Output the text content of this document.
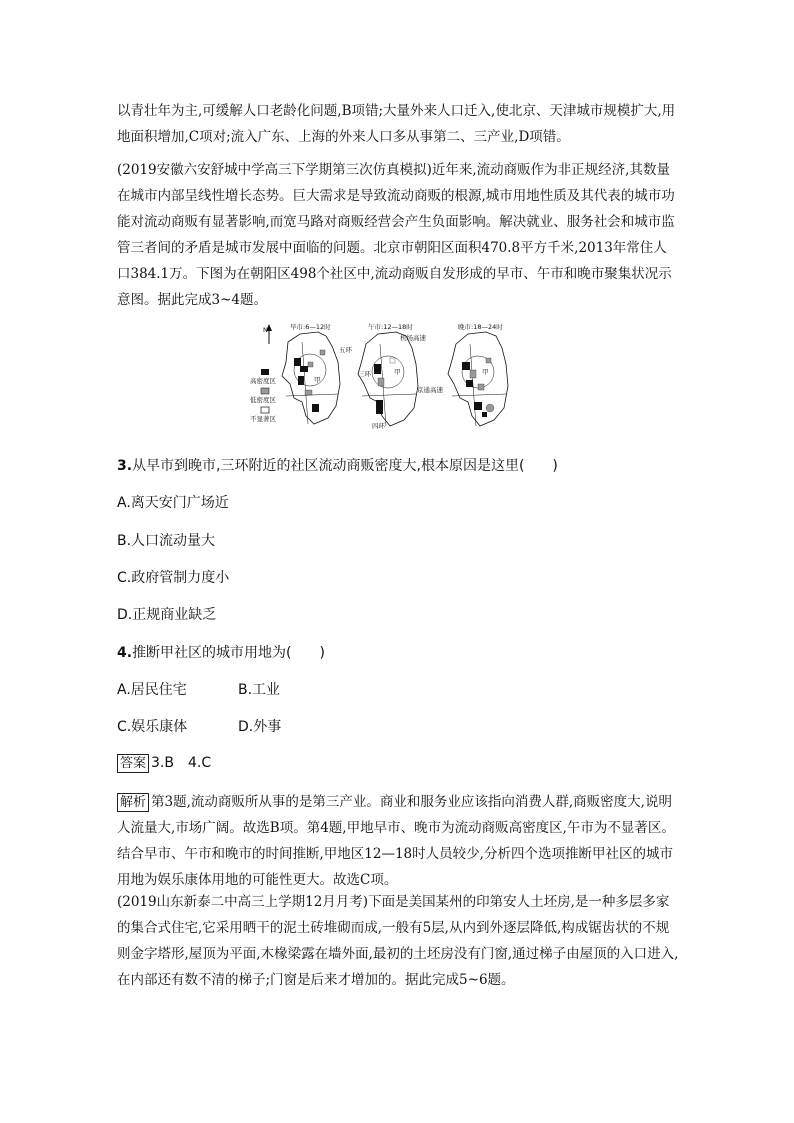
以青壮年为主,可缓解人口老龄化问题,B项错;大量外来人口迁入,使北京、天津城市规模扩大,用地面积增加,C项对;流入广东、上海的外来人口多从事第二、三产业,D项错。
(2019安徽六安舒城中学高三下学期第三次仿真模拟)近年来,流动商贩作为非正规经济,其数量在城市内部呈线性增长态势。巨大需求是导致流动商贩的根源,城市用地性质及其代表的城市功能对流动商贩有显著影响,而宽马路对商贩经营会产生负面影响。解决就业、服务社会和城市监管三者间的矛盾是城市发展中面临的问题。北京市朝阳区面积470.8平方千米,2013年常住人口384.1万。下图为在朝阳区498个社区中,流动商贩自发形成的早市、午市和晚市聚集状况示意图。据此完成3~4题。
N
高密度区
低密度区
不显著区
早市:6—12时
五环
甲
午市:12—18时
机场高速
三环	甲
四环
京通高速
晚市:18—24时
甲
3.从早市到晚市,三环附近的社区流动商贩密度大,根本原因是这里(　　)
A.离天安门广场近
B.人口流动量大
C.政府管制力度小
D.正规商业缺乏
4.推断甲社区的城市用地为(　　)
A.居民住宅	B.工业
C.娱乐康体	D.外事
答案 3.B　4.C
解析 第3题,流动商贩所从事的是第三产业。商业和服务业应该指向消费人群,商贩密度大,说明人流量大,市场广阔。故选B项。第4题,甲地早市、晚市为流动商贩高密度区,午市为不显著区。结合早市、午市和晚市的时间推断,甲地区12—18时人员较少,分析四个选项推断甲社区的城市用地为娱乐康体用地的可能性更大。故选C项。
(2019山东新泰二中高三上学期12月月考)下面是美国某州的印第安人土坯房,是一种多层多家的集合式住宅,它采用晒干的泥土砖堆砌而成,一般有5层,从内到外逐层降低,构成锯齿状的不规则金字塔形,屋顶为平面,木椽梁露在墙外面,最初的土坯房没有门窗,通过梯子由屋顶的入口进入,在内部还有数不清的梯子;门窗是后来才增加的。据此完成5~6题。
